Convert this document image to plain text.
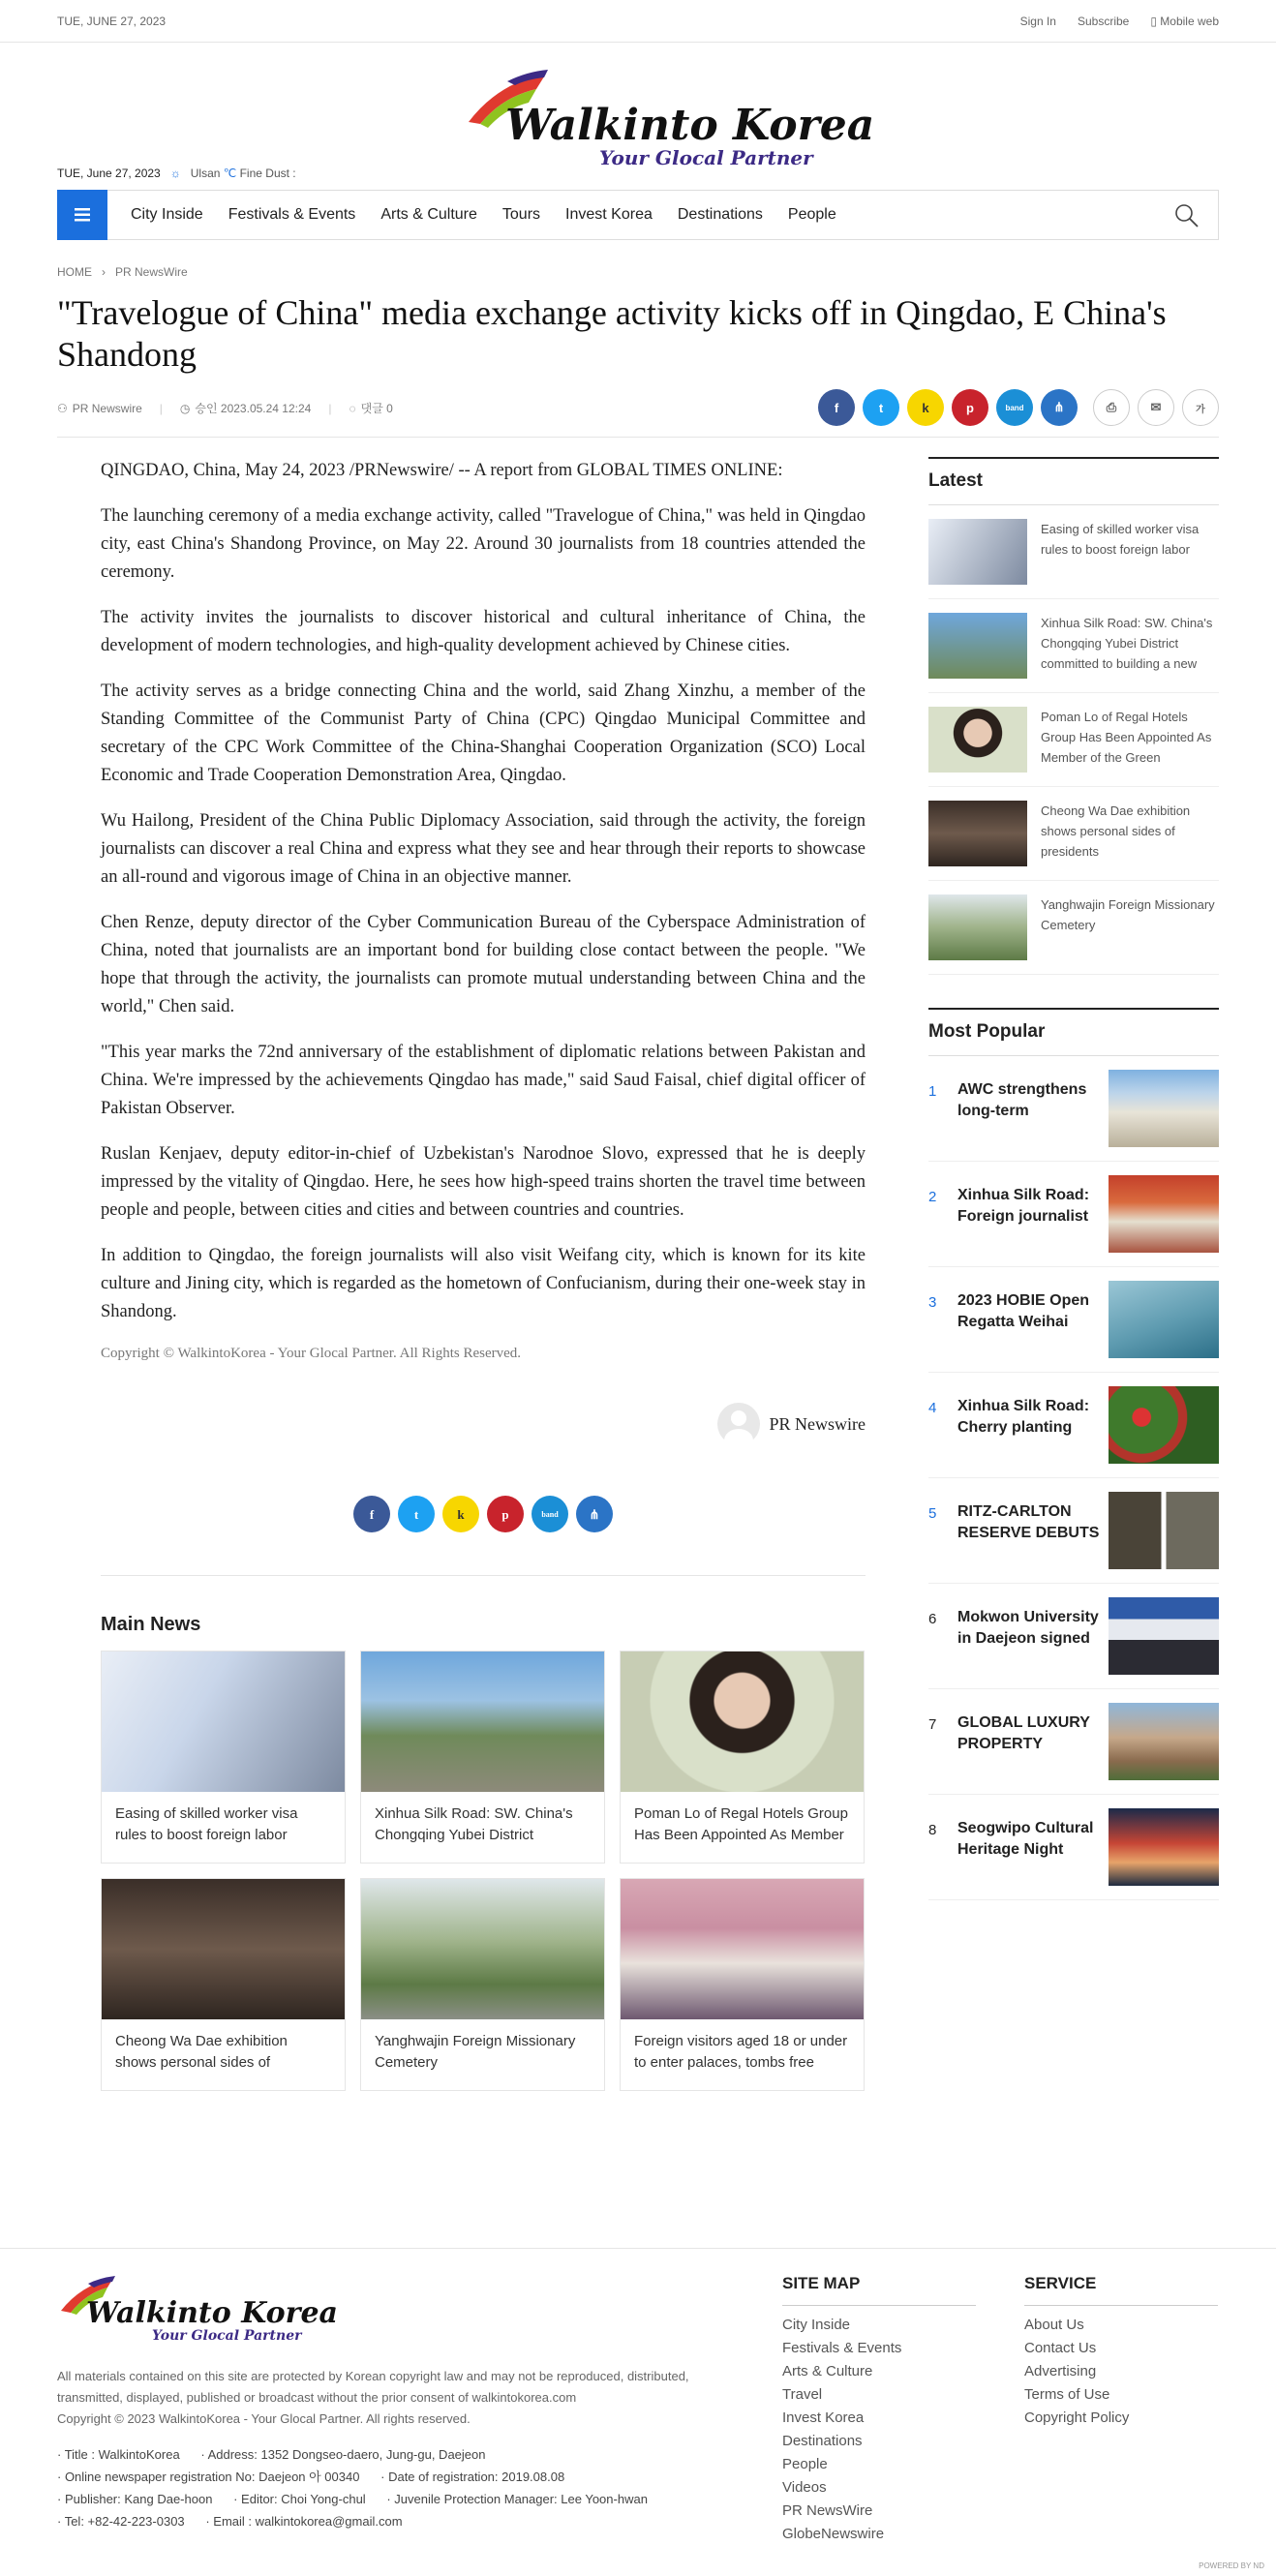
TUE, JUNE 27, 2023	Sign In Subscribe ▯ Mobile web
Walkinto Korea
Your Glocal Partner
TUE, June 27, 2023 ☼ Ulsan ℃ Fine Dust :
City Inside Festivals & Events Arts & Culture Tours Invest Korea Destinations People
HOME › PR NewsWire
"Travelogue of China" media exchange activity kicks off in Qingdao, E China's Shandong
⚇ PR Newswire | ◷ 승인 2023.05.24 12:24 | ◌ 댓글 0	f	t	k	p	band	⋔	⎙	✉	가

QINGDAO, China, May 24, 2023 /PRNewswire/ -- A report from GLOBAL TIMES ONLINE:

The launching ceremony of a media exchange activity, called "Travelogue of China," was held in Qingdao city, east China's Shandong Province, on May 22. Around 30 journalists from 18 countries attended the ceremony.

The activity invites the journalists to discover historical and cultural inheritance of China, the development of modern technologies, and high-quality development achieved by Chinese cities.

The activity serves as a bridge connecting China and the world, said Zhang Xinzhu, a member of the Standing Committee of the Communist Party of China (CPC) Qingdao Municipal Committee and secretary of the CPC Work Committee of the China-Shanghai Cooperation Organization (SCO) Local Economic and Trade Cooperation Demonstration Area, Qingdao.

Wu Hailong, President of the China Public Diplomacy Association, said through the activity, the foreign journalists can discover a real China and express what they see and hear through their reports to showcase an all-round and vigorous image of China in an objective manner.

Chen Renze, deputy director of the Cyber Communication Bureau of the Cyberspace Administration of China, noted that journalists are an important bond for building close contact between the people. "We hope that through the activity, the journalists can promote mutual understanding between China and the world," Chen said.

"This year marks the 72nd anniversary of the establishment of diplomatic relations between Pakistan and China. We're impressed by the achievements Qingdao has made," said Saud Faisal, chief digital officer of Pakistan Observer.

Ruslan Kenjaev, deputy editor-in-chief of Uzbekistan's Narodnoe Slovo, expressed that he is deeply impressed by the vitality of Qingdao. Here, he sees how high-speed trains shorten the travel time between people and people, between cities and cities and between countries and countries.

In addition to Qingdao, the foreign journalists will also visit Weifang city, which is known for its kite culture and Jining city, which is regarded as the hometown of Confucianism, during their one-week stay in Shandong.

Copyright © WalkintoKorea - Your Glocal Partner. All Rights Reserved.
PR Newswire
f	t	k	p	band	⋔
Main News
Easing of skilled worker visa rules to boost foreign labor
Xinhua Silk Road: SW. China's Chongqing Yubei District
Poman Lo of Regal Hotels Group Has Been Appointed As Member
Cheong Wa Dae exhibition shows personal sides of
Yanghwajin Foreign Missionary Cemetery
Foreign visitors aged 18 or under to enter palaces, tombs free
Latest
Easing of skilled worker visa rules to boost foreign labor
Xinhua Silk Road: SW. China's Chongqing Yubei District committed to building a new
Poman Lo of Regal Hotels Group Has Been Appointed As Member of the Green
Cheong Wa Dae exhibition shows personal sides of presidents
Yanghwajin Foreign Missionary Cemetery
Most Popular
1	AWC strengthens long-term
2	Xinhua Silk Road: Foreign journalist
3	2023 HOBIE Open Regatta Weihai
4	Xinhua Silk Road: Cherry planting
5	RITZ-CARLTON RESERVE DEBUTS
6	Mokwon University in Daejeon signed
7	GLOBAL LUXURY PROPERTY
8	Seogwipo Cultural Heritage Night
Walkinto Korea
Your Glocal Partner
All materials contained on this site are protected by Korean copyright law and may not be reproduced, distributed, transmitted, displayed, published or broadcast without the prior consent of walkintokorea.com
Copyright © 2023 WalkintoKorea - Your Glocal Partner. All rights reserved.
· Title : WalkintoKorea      · Address: 1352 Dongseo-daero, Jung-gu, Daejeon
· Online newspaper registration No: Daejeon 아 00340      · Date of registration: 2019.08.08
· Publisher: Kang Dae-hoon      · Editor: Choi Yong-chul      · Juvenile Protection Manager: Lee Yoon-hwan
· Tel: +82-42-223-0303      · Email : walkintokorea@gmail.com
SITE MAP
City Inside
Festivals & Events
Arts & Culture
Travel
Invest Korea
Destinations
People
Videos
PR NewsWire
GlobeNewswire
SERVICE
About Us
Contact Us
Advertising
Terms of Use
Copyright Policy
POWERED BY ND
